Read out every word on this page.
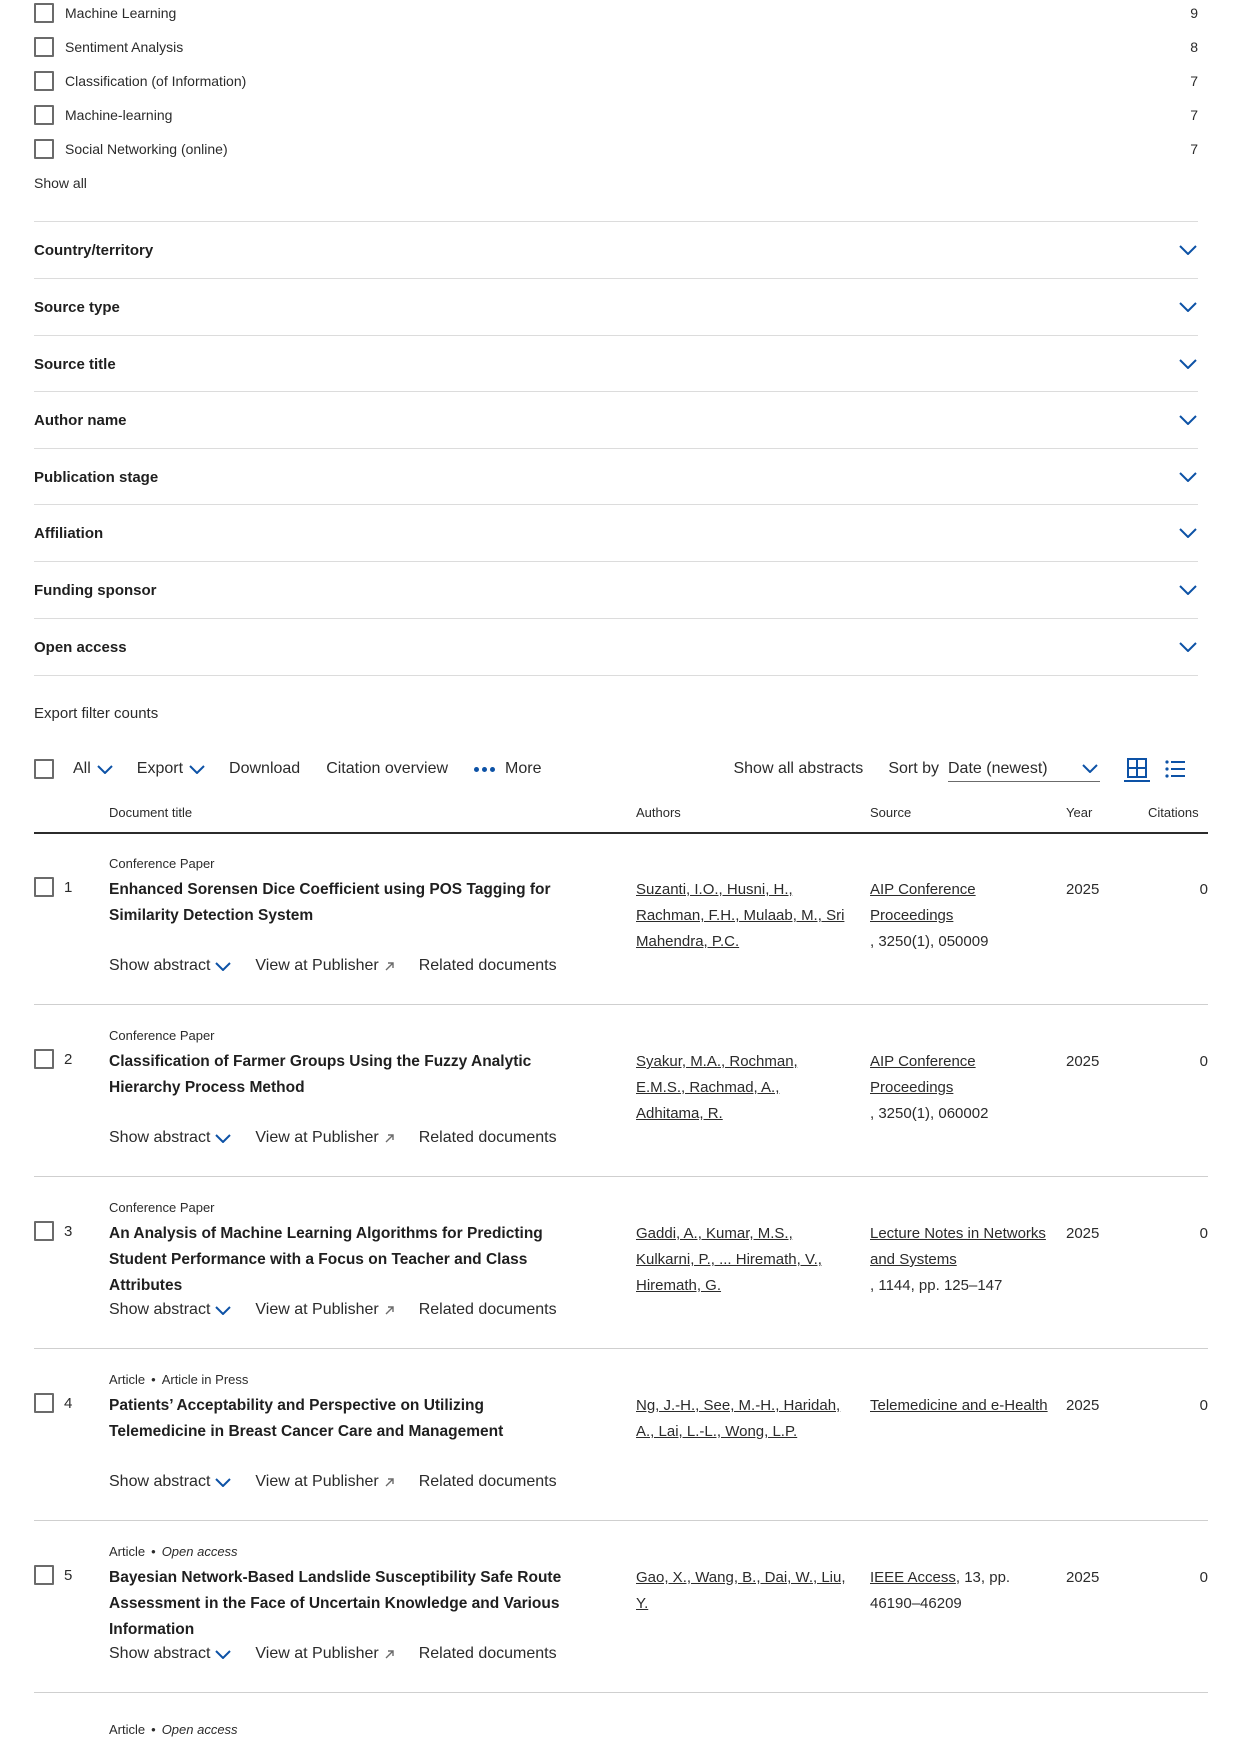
Machine Learning	9
Sentiment Analysis	8
Classification (of Information)	7
Machine-learning	7
Social Networking (online)	7
Show all
Country/territory
Source type
Source title
Author name
Publication stage
Affiliation
Funding sponsor
Open access
Export filter counts
All	Export	Download Citation overview	More	Show all abstracts Sort by Date (newest)
Document title	Authors	Source	Year	Citations
1
Conference Paper
Enhanced Sorensen Dice Coefficient using POS Tagging for Similarity Detection System
Suzanti, I.O., Husni, H., Rachman, F.H., Mulaab, M., Sri Mahendra, P.C.
AIP Conference Proceedings
, 3250(1), 050009
2025	0
Show abstract	View at Publisher	Related documents
2
Conference Paper
Classification of Farmer Groups Using the Fuzzy Analytic Hierarchy Process Method
Syakur, M.A., Rochman, E.M.S., Rachmad, A., Adhitama, R.
AIP Conference Proceedings
, 3250(1), 060002
2025	0
Show abstract	View at Publisher	Related documents
3
Conference Paper
An Analysis of Machine Learning Algorithms for Predicting Student Performance with a Focus on Teacher and Class Attributes
Gaddi, A., Kumar, M.S., Kulkarni, P., ... Hiremath, V., Hiremath, G.
Lecture Notes in Networks and Systems
, 1144, pp. 125–147
2025	0
Show abstract	View at Publisher	Related documents
4
Article • Article in Press
Patients’ Acceptability and Perspective on Utilizing Telemedicine in Breast Cancer Care and Management
Ng, J.-H., See, M.-H., Haridah, A., Lai, L.-L., Wong, L.P.
Telemedicine and e-Health 2025	0
Show abstract	View at Publisher	Related documents
5
Article • Open access
Bayesian Network-Based Landslide Susceptibility Safe Route Assessment in the Face of Uncertain Knowledge and Various Information
Gao, X., Wang, B., Dai, W., Liu, Y.
IEEE Access, 13, pp. 46190–46209
2025	0
Show abstract	View at Publisher	Related documents
Article • Open access
